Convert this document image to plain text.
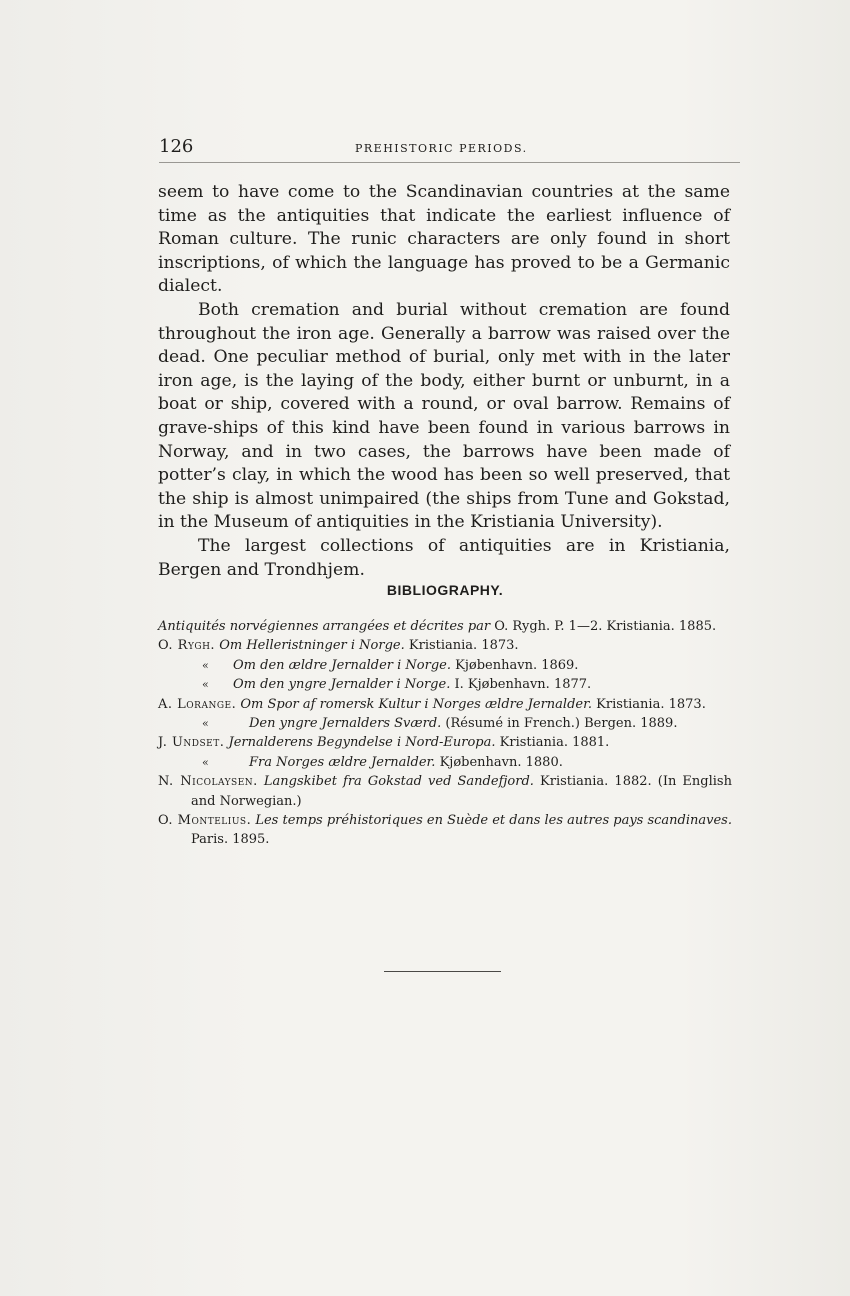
126	PREHISTORIC PERIODS.

seem to have come to the Scandinavian countries at the same time as the antiquities that indicate the earliest influence of Roman culture. The runic characters are only found in short inscriptions, of which the language has proved to be a Germanic dialect.

Both cremation and burial without cremation are found throughout the iron age. Generally a barrow was raised over the dead. One peculiar method of burial, only met with in the later iron age, is the laying of the body, either burnt or unburnt, in a boat or ship, covered with a round, or oval barrow. Remains of grave-ships of this kind have been found in various barrows in Norway, and in two cases, the barrows have been made of potter’s clay, in which the wood has been so well preserved, that the ship is almost unimpaired (the ships from Tune and Gokstad, in the Museum of antiquities in the Kristiania University).

The largest collections of antiquities are in Kristiania, Bergen and Trondhjem.

BIBLIOGRAPHY.
Antiquités norvégiennes arrangées et décrites par O. Rygh. P. 1—2. Kristiania. 1885.
O. Rygh. Om Helleristninger i Norge. Kristiania. 1873.
« Om den ældre Jernalder i Norge. Kjøbenhavn. 1869.
« Om den yngre Jernalder i Norge. I. Kjøbenhavn. 1877.
A. Lorange. Om Spor af romersk Kultur i Norges ældre Jernalder. Kristiania. 1873.
«	Den yngre Jernalders Sværd. (Résumé in French.) Bergen. 1889.
J. Undset. Jernalderens Begyndelse i Nord-Europa. Kristiania. 1881.
«	Fra Norges ældre Jernalder. Kjøbenhavn. 1880.
N. Nicolaysen. Langskibet fra Gokstad ved Sandefjord. Kristiania. 1882. (In English and Norwegian.)
O. Montelius. Les temps préhistoriques en Suède et dans les autres pays scandinaves. Paris. 1895.
